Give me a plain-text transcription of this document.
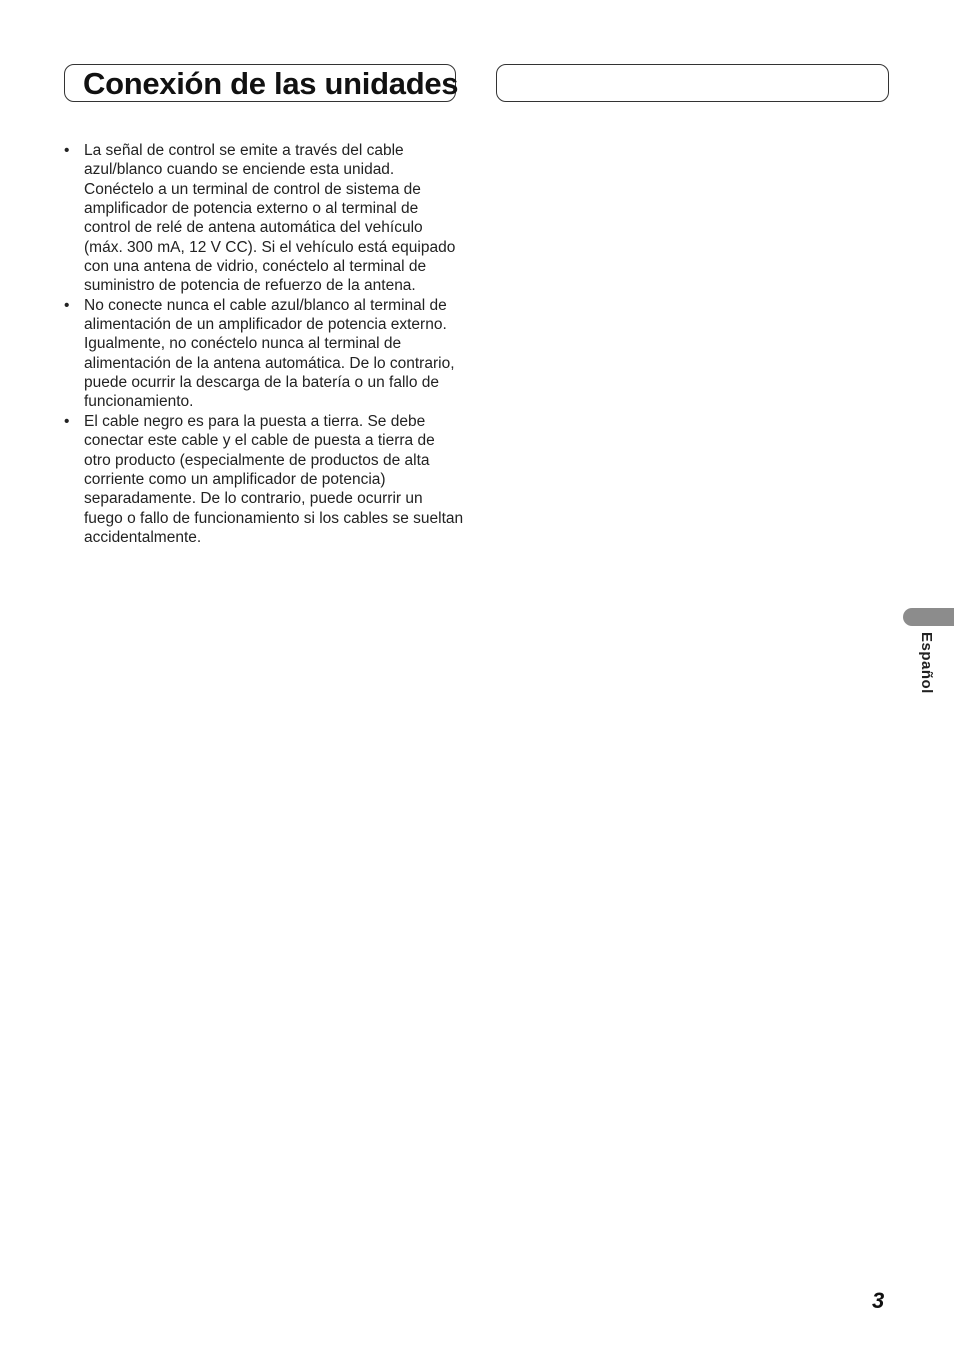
Conexión de las unidades
• La señal de control se emite a través del cable azul/blanco cuando se enciende esta unidad. Conéctelo a un terminal de control de sistema de amplificador de potencia externo o al terminal de control de relé de antena automática del vehículo (máx. 300 mA, 12 V CC). Si el vehículo está equipado con una antena de vidrio, conéctelo al terminal de suministro de potencia de refuerzo de la antena.
• No conecte nunca el cable azul/blanco al terminal de alimentación de un amplificador de potencia externo. Igualmente, no conéctelo nunca al terminal de alimentación de la antena automática. De lo contrario, puede ocurrir la descarga de la batería o un fallo de funcionamiento.
• El cable negro es para la puesta a tierra. Se debe conectar este cable y el cable de puesta a tierra de otro producto (especialmente de productos de alta corriente como un amplificador de potencia) separadamente. De lo contrario, puede ocurrir un fuego o fallo de funcionamiento si los cables se sueltan accidentalmente.
Español
3
